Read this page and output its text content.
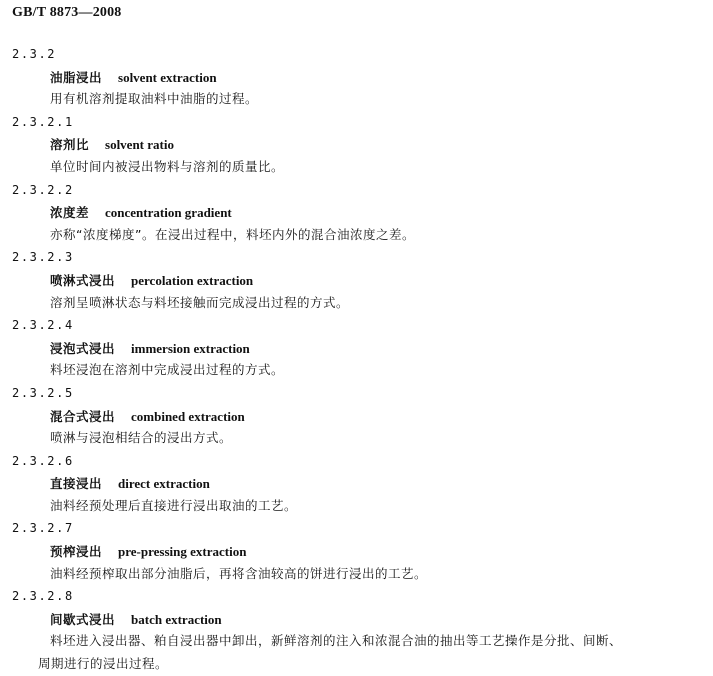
GB/T 8873—2008
2.3.2
油脂浸出 solvent extraction
用有机溶剂提取油料中油脂的过程。
2.3.2.1
溶剂比 solvent ratio
单位时间内被浸出物料与溶剂的质量比。
2.3.2.2
浓度差 concentration gradient
亦称“浓度梯度”。在浸出过程中，料坯内外的混合油浓度之差。
2.3.2.3
喷淋式浸出 percolation extraction
溶剂呈喷淋状态与料坯接触而完成浸出过程的方式。
2.3.2.4
浸泡式浸出 immersion extraction
料坯浸泡在溶剂中完成浸出过程的方式。
2.3.2.5
混合式浸出 combined extraction
喷淋与浸泡相结合的浸出方式。
2.3.2.6
直接浸出 direct extraction
油料经预处理后直接进行浸出取油的工艺。
2.3.2.7
预榨浸出 pre-pressing extraction
油料经预榨取出部分油脂后，再将含油较高的饼进行浸出的工艺。
2.3.2.8
间歇式浸出 batch extraction
料坯进入浸出器、粕自浸出器中卸出，新鲜溶剂的注入和浓混合油的抽出等工艺操作是分批、间断、
周期进行的浸出过程。
